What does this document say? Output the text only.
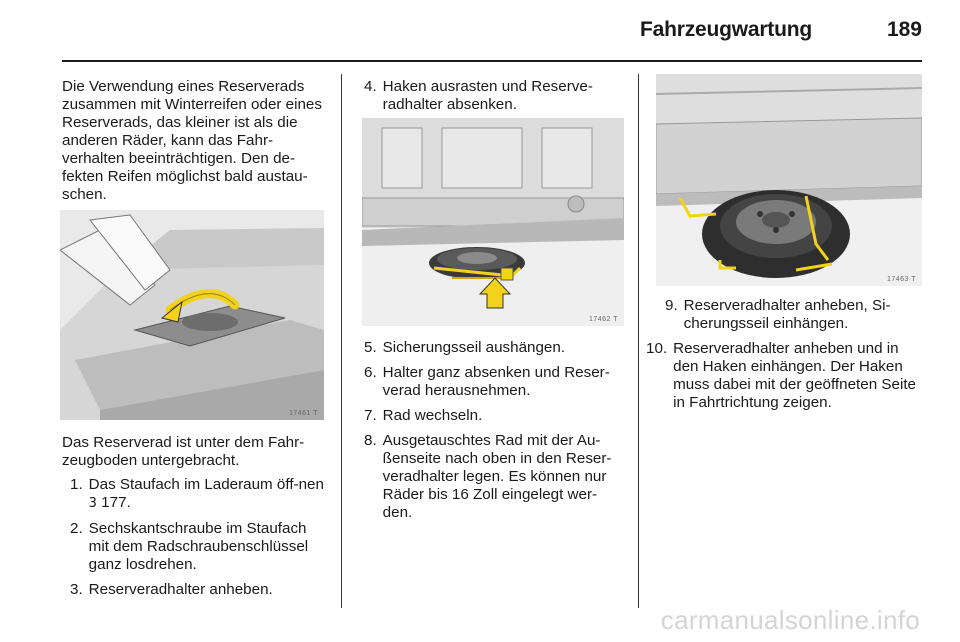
Fahrzeugwartung	189

Die Verwendung eines Reserverads zusammen mit Winterreifen oder eines Reserverads, das kleiner ist als die anderen Räder, kann das Fahr-verhalten beeinträchtigen. Den de-fekten Reifen möglichst bald austau-schen.

17461 T

Das Reserverad ist unter dem Fahr-zeugboden untergebracht.

1. Das Staufach im Laderaum öff-nen 3 177.
2. Sechskantschraube im Staufach mit dem Radschraubenschlüssel ganz losdrehen.
3. Reserveradhalter anheben.
4. Haken ausrasten und Reserve-radhalter absenken.
17462 T
5. Sicherungsseil aushängen.
6. Halter ganz absenken und Reser-verad herausnehmen.
7. Rad wechseln.
8. Ausgetauschtes Rad mit der Au-ßenseite nach oben in den Reser-veradhalter legen. Es können nur Räder bis 16 Zoll eingelegt wer-den.
17463 T
9. Reserveradhalter anheben, Si-cherungsseil einhängen.
10. Reserveradhalter anheben und in den Haken einhängen. Der Haken muss dabei mit der geöffneten Seite in Fahrtrichtung zeigen.
carmanualsonline.info
